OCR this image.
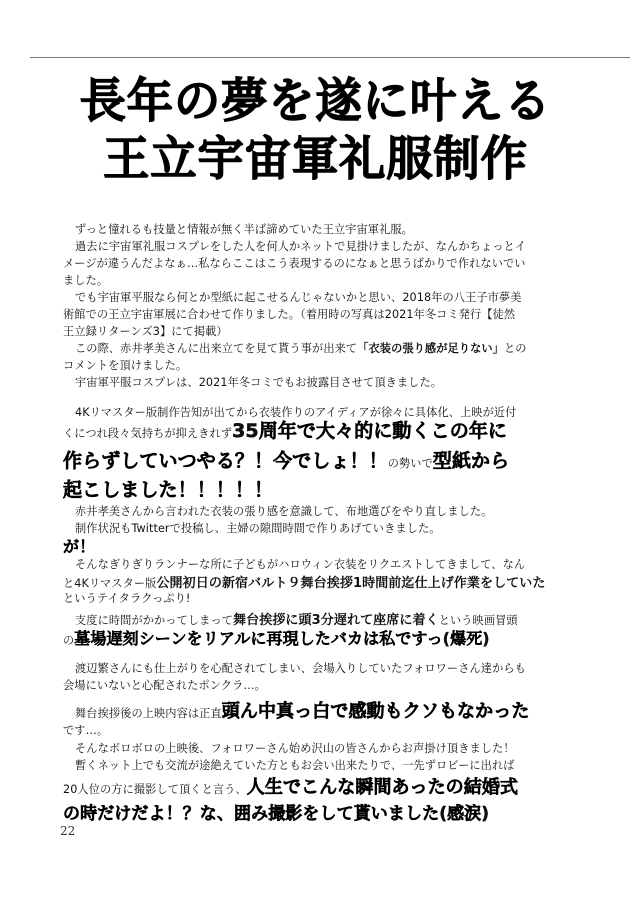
長年の夢を遂に叶える
王立宇宙軍礼服制作
ずっと憧れるも技量と情報が無く半ば諦めていた王立宇宙軍礼服。
過去に宇宙軍礼服コスプレをした人を何人かネットで見掛けましたが、なんかちょっとイ
メージが違うんだよなぁ…私ならここはこう表現するのになぁと思うばかりで作れないでい
ました。
でも宇宙軍平服なら何とか型紙に起こせるんじゃないかと思い、2018年の八王子市夢美
術館での王立宇宙軍展に合わせて作りました。（着用時の写真は2021年冬コミ発行【徒然
王立録リターンズ3】にて掲載）
この際、赤井孝美さんに出来立てを見て貰う事が出来て「衣装の張り感が足りない」との
コメントを頂けました。
宇宙軍平服コスプレは、2021年冬コミでもお披露目させて頂きました。
4Kリマスター版制作告知が出てから衣装作りのアイディアが徐々に具体化、上映が近付
くにつれ段々気持ちが抑えきれず35周年で大々的に動くこの年に
作らずしていつやる？！今でしょ！！の勢いで型紙から
起こしました！！！！！
赤井孝美さんから言われた衣装の張り感を意識して、布地選びをやり直しました。
制作状況もTwitterで投稿し、主婦の隙間時間で作りあげていきました。
が！
そんなぎりぎりランナーな所に子どもがハロウィン衣装をリクエストしてきまして、なん
と4Kリマスター版公開初日の新宿バルト９舞台挨拶1時間前迄仕上げ作業をしていた
というテイタラクっぷり!
支度に時間がかかってしまって舞台挨拶に頭3分遅れて座席に着くという映画冒頭
の墓場遅刻シーンをリアルに再現したバカは私ですっ(爆死)
渡辺繁さんにも仕上がりを心配されてしまい、会場入りしていたフォロワーさん達からも
会場にいないと心配されたポンクラ…。
舞台挨拶後の上映内容は正直頭ん中真っ白で感動もクソもなかった
です…。
そんなボロボロの上映後、フォロワーさん始め沢山の皆さんからお声掛け頂きました！
暫くネット上でも交流が途絶えていた方ともお会い出来たりで、一先ずロビーに出れば
20人位の方に撮影して頂くと言う、人生でこんな瞬間あったの結婚式
の時だけだよ！？な、囲み撮影をして貰いました(感涙)
22
